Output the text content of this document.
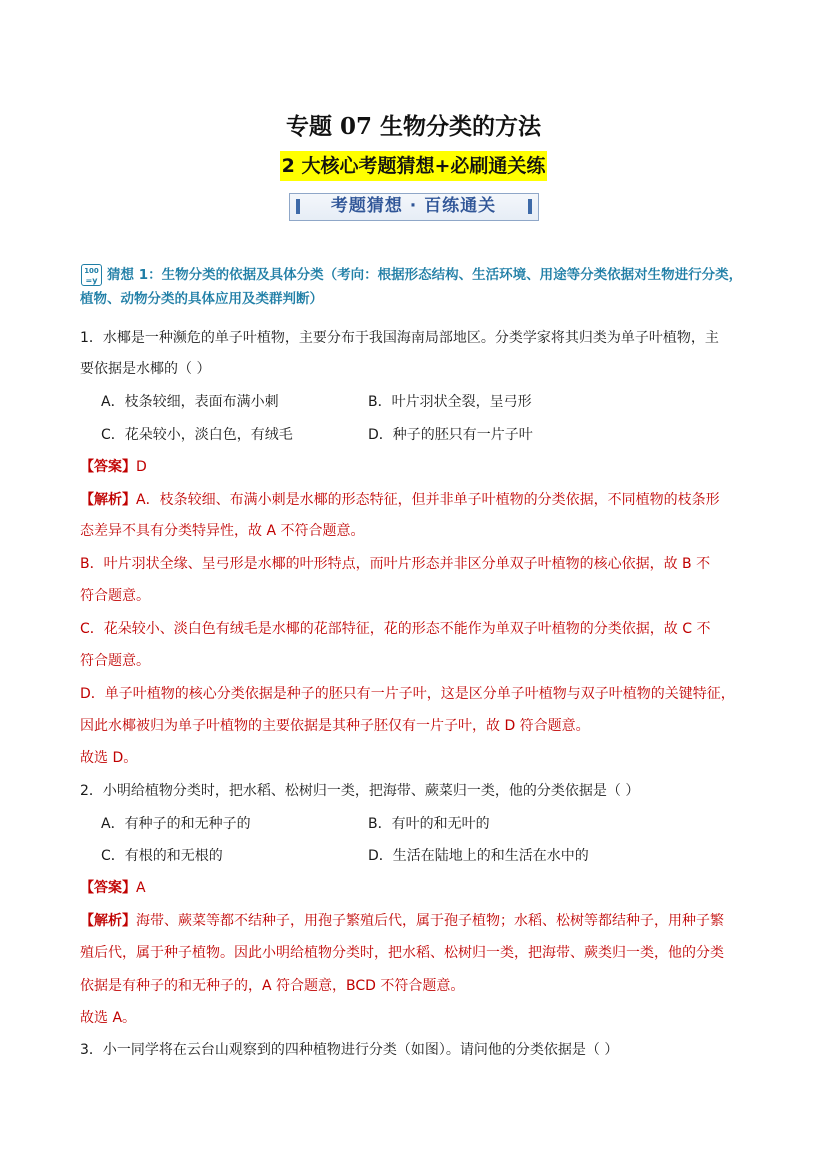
专题 07 生物分类的方法
2 大核心考题猜想+必刷通关练
考题猜想 · 百练通关
100
=y 猜想 1：生物分类的依据及具体分类（考向：根据形态结构、生活环境、用途等分类依据对生物进行分类，植物、动物分类的具体应用及类群判断）
1．水椰是一种濒危的单子叶植物，主要分布于我国海南局部地区。分类学家将其归类为单子叶植物，主
要依据是水椰的（ ）
A．枝条较细，表面布满小刺	B．叶片羽状全裂，呈弓形
C．花朵较小，淡白色，有绒毛	D．种子的胚只有一片子叶
【答案】D
【解析】A．枝条较细、布满小刺是水椰的形态特征，但并非单子叶植物的分类依据，不同植物的枝条形
态差异不具有分类特异性，故 A 不符合题意。
B．叶片羽状全缘、呈弓形是水椰的叶形特点，而叶片形态并非区分单双子叶植物的核心依据，故 B 不
符合题意。
C．花朵较小、淡白色有绒毛是水椰的花部特征，花的形态不能作为单双子叶植物的分类依据，故 C 不
符合题意。
D．单子叶植物的核心分类依据是种子的胚只有一片子叶，这是区分单子叶植物与双子叶植物的关键特征，
因此水椰被归为单子叶植物的主要依据是其种子胚仅有一片子叶，故 D 符合题意。
故选 D。
2．小明给植物分类时，把水稻、松树归一类，把海带、蕨菜归一类，他的分类依据是（ ）
A．有种子的和无种子的	B．有叶的和无叶的
C．有根的和无根的	D．生活在陆地上的和生活在水中的
【答案】A
【解析】海带、蕨菜等都不结种子，用孢子繁殖后代，属于孢子植物；水稻、松树等都结种子，用种子繁
殖后代，属于种子植物。因此小明给植物分类时，把水稻、松树归一类，把海带、蕨类归一类，他的分类
依据是有种子的和无种子的，A 符合题意，BCD 不符合题意。
故选 A。
3．小一同学将在云台山观察到的四种植物进行分类（如图）。请问他的分类依据是（ ）
